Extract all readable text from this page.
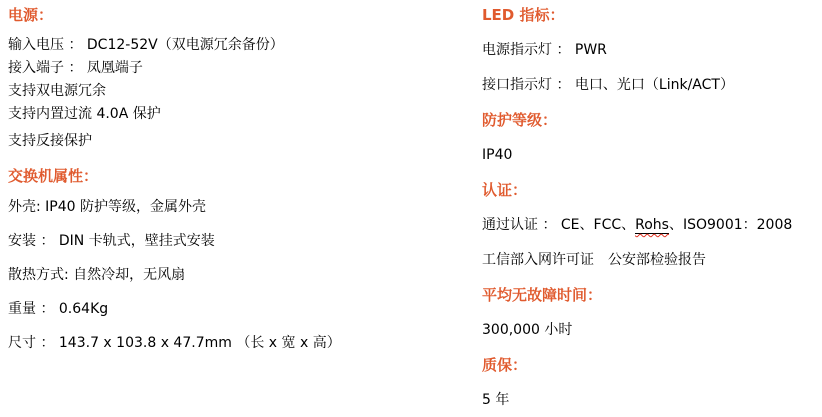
电源：
输入电压 ： DC12-52V（双电源冗余备份）
接入端子 ： 凤凰端子
支持双电源冗余
支持内置过流 4.0A 保护
支持反接保护
交换机属性：
外壳: IP40 防护等级，金属外壳
安装 ： DIN 卡轨式，壁挂式安装
散热方式: 自然冷却，无风扇
重量 ： 0.64Kg
尺寸 ： 143.7 x 103.8 x 47.7mm （长 x 宽 x 高）
LED 指标：
电源指示灯 ： PWR
接口指示灯 ： 电口、光口（Link/ACT）
防护等级：
IP40
认证：
通过认证 ： CE、FCC、Rohs、ISO9001：2008
工信部入网许可证　公安部检验报告
平均无故障时间：
300,000 小时
质保：
5 年
